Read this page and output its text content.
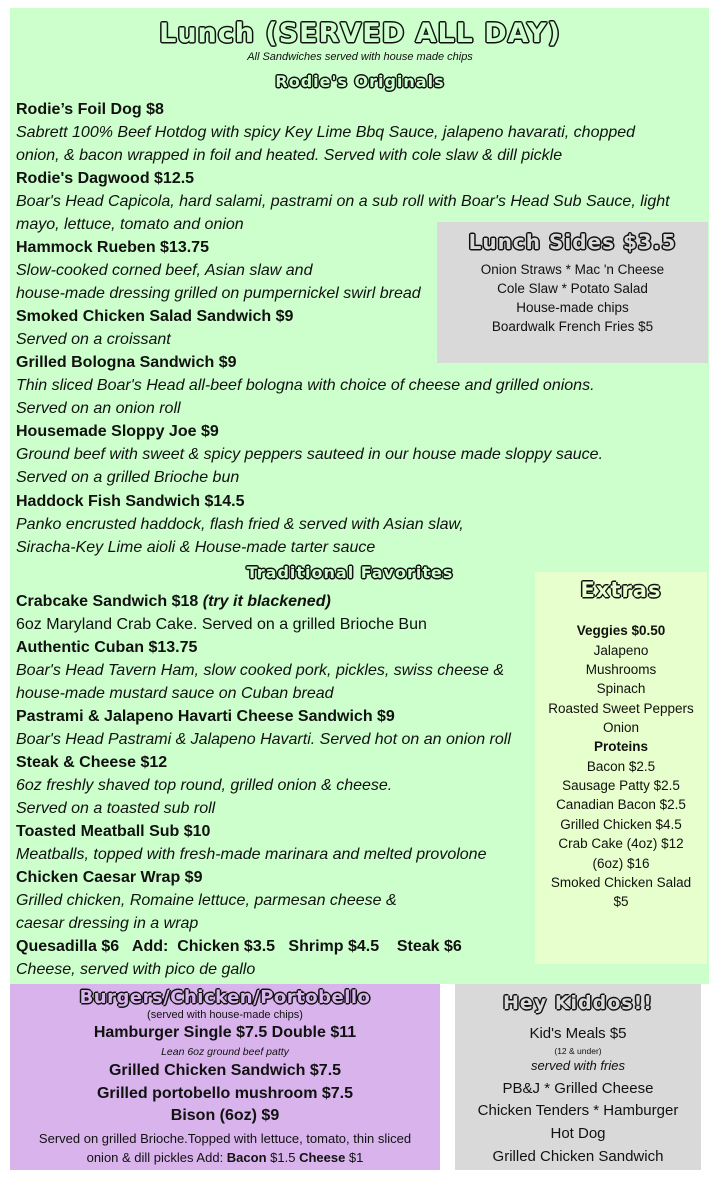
Lunch (SERVED ALL DAY)
All Sandwiches served with house made chips
Rodie's Originals
Rodie’s Foil Dog $8
Sabrett 100% Beef Hotdog with spicy Key Lime Bbq Sauce, jalapeno havarati, chopped
onion, & bacon wrapped in foil and heated. Served with cole slaw & dill pickle
Rodie's Dagwood $12.5
Boar's Head Capicola, hard salami, pastrami on a sub roll with Boar's Head Sub Sauce, light
mayo, lettuce, tomato and onion
Hammock Rueben $13.75
Slow-cooked corned beef, Asian slaw and
house-made dressing grilled on pumpernickel swirl bread
Smoked Chicken Salad Sandwich $9
Served on a croissant
Grilled Bologna Sandwich $9
Thin sliced Boar's Head all-beef bologna with choice of cheese and grilled onions.
Served on an onion roll
Housemade Sloppy Joe $9
Ground beef with sweet & spicy peppers sauteed in our house made sloppy sauce.
Served on a grilled Brioche bun
Haddock Fish Sandwich $14.5
Panko encrusted haddock, flash fried & served with Asian slaw,
Siracha-Key Lime aioli & House-made tarter sauce
Lunch Sides $3.5
Onion Straws * Mac 'n Cheese
Cole Slaw * Potato Salad
House-made chips
Boardwalk French Fries $5
Traditional Favorites
Crabcake Sandwich $18 (try it blackened)
6oz Maryland Crab Cake. Served on a grilled Brioche Bun
Authentic Cuban $13.75
Boar's Head Tavern Ham, slow cooked pork, pickles, swiss cheese &
house-made mustard sauce on Cuban bread
Pastrami & Jalapeno Havarti Cheese Sandwich $9
Boar's Head Pastrami & Jalapeno Havarti. Served hot on an onion roll
Steak & Cheese $12
6oz freshly shaved top round, grilled onion & cheese.
Served on a toasted sub roll
Toasted Meatball Sub $10
Meatballs, topped with fresh-made marinara and melted provolone
Chicken Caesar Wrap $9
Grilled chicken, Romaine lettuce, parmesan cheese &
caesar dressing in a wrap
Quesadilla $6   Add:  Chicken $3.5   Shrimp $4.5    Steak $6
Cheese, served with pico de gallo
Extras
Veggies $0.50
Jalapeno
Mushrooms
Spinach
Roasted Sweet Peppers
Onion
Proteins
Bacon $2.5
Sausage Patty $2.5
Canadian Bacon $2.5
Grilled Chicken $4.5
Crab Cake (4oz) $12
(6oz) $16
Smoked Chicken Salad
$5
Burgers/Chicken/Portobello
(served with house-made chips)
Hamburger Single $7.5 Double $11
Lean 6oz ground beef patty
Grilled Chicken Sandwich $7.5
Grilled portobello mushroom $7.5
Bison (6oz) $9
Served on grilled Brioche.Topped with lettuce, tomato, thin sliced
onion & dill pickles Add: Bacon $1.5 Cheese $1
Hey Kiddos!!
Kid's Meals $5
(12 & under)
served with fries
PB&J * Grilled Cheese
Chicken Tenders * Hamburger
Hot Dog
Grilled Chicken Sandwich
